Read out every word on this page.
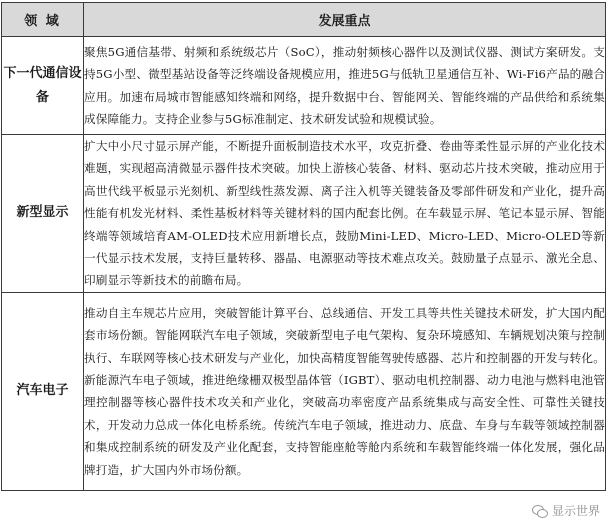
领 域	发展重点
下一代通信设备	聚焦5G通信基带、射频和系统级芯片（SoC），推动射频核心器件以及测试仪器、测试方案研发。支持5G小型、微型基站设备等泛终端设备规模应用，推进5G与低轨卫星通信互补、Wi-Fi6产品的融合应用。加速布局城市智能感知终端和网络，提升数据中台、智能网关、智能终端的产品供给和系统集成保障能力。支持企业参与5G标准制定、技术研发试验和规模试验。
新型显示	扩大中小尺寸显示屏产能，不断提升面板制造技术水平，攻克折叠、卷曲等柔性显示屏的产业化技术难题，实现超高清微显示器件技术突破。加快上游核心装备、材料、驱动芯片技术突破，推动应用于高世代线平板显示光刻机、新型线性蒸发源、离子注入机等关键装备及零部件研发和产业化，提升高性能有机发光材料、柔性基板材料等关键材料的国内配套比例。在车载显示屏、笔记本显示屏、智能终端等领域培育AM-OLED技术应用新增长点，鼓励Mini-LED、Micro-LED、Micro-OLED等新一代显示技术发展，支持巨量转移、器晶、电源驱动等技术难点攻关。鼓励量子点显示、激光全息、印刷显示等新技术的前瞻布局。
汽车电子	推动自主车规芯片应用，突破智能计算平台、总线通信、开发工具等共性关键技术研发，扩大国内配套市场份额。智能网联汽车电子领域，突破新型电子电气架构、复杂环境感知、车辆规划决策与控制执行、车联网等核心技术研发与产业化，加快高精度智能驾驶传感器、芯片和控制器的开发与转化。新能源汽车电子领域，推进绝缘栅双极型晶体管（IGBT）、驱动电机控制器、动力电池与燃料电池管理控制器等核心器件技术攻关和产业化，突破高功率密度产品系统集成与高安全性、可靠性关键技术，开发动力总成一体化电桥系统。传统汽车电子领域，推进动力、底盘、车身与车载等领域控制器和集成控制系统的研发及产业化配套，支持智能座舱等舱内系统和车载智能终端一体化发展，强化品牌打造，扩大国内外市场份额。
显示世界
